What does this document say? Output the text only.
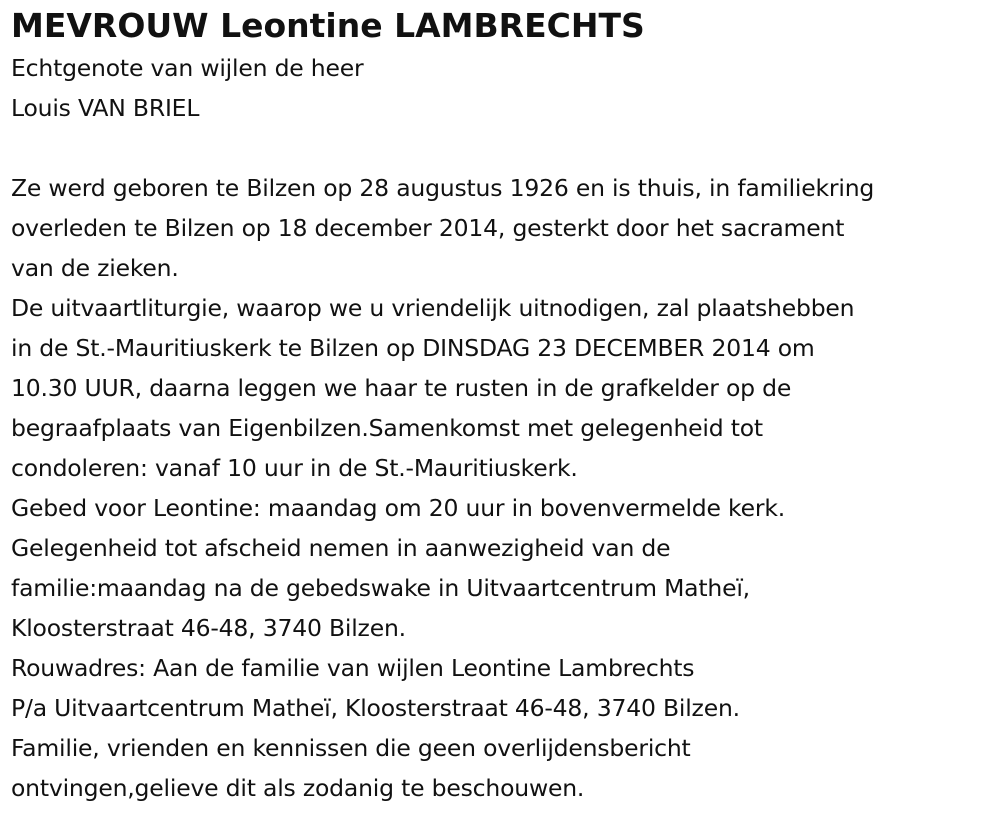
MEVROUW Leontine LAMBRECHTS

Echtgenote van wijlen de heer

Louis VAN BRIEL

Ze werd geboren te Bilzen op 28 augustus 1926 en is thuis, in familiekring

overleden te Bilzen op 18 december 2014, gesterkt door het sacrament

van de zieken.

De uitvaartliturgie, waarop we u vriendelijk uitnodigen, zal plaatshebben

in de St.-Mauritiuskerk te Bilzen op DINSDAG 23 DECEMBER 2014 om

10.30 UUR, daarna leggen we haar te rusten in de grafkelder op de

begraafplaats van Eigenbilzen.Samenkomst met gelegenheid tot

condoleren: vanaf 10 uur in de St.-Mauritiuskerk.

Gebed voor Leontine: maandag om 20 uur in bovenvermelde kerk.

Gelegenheid tot afscheid nemen in aanwezigheid van de

familie:maandag na de gebedswake in Uitvaartcentrum Matheï,

Kloosterstraat 46-48, 3740 Bilzen.

Rouwadres: Aan de familie van wijlen Leontine Lambrechts

P/a Uitvaartcentrum Matheï, Kloosterstraat 46-48, 3740 Bilzen.

Familie, vrienden en kennissen die geen overlijdensbericht

ontvingen,gelieve dit als zodanig te beschouwen.
